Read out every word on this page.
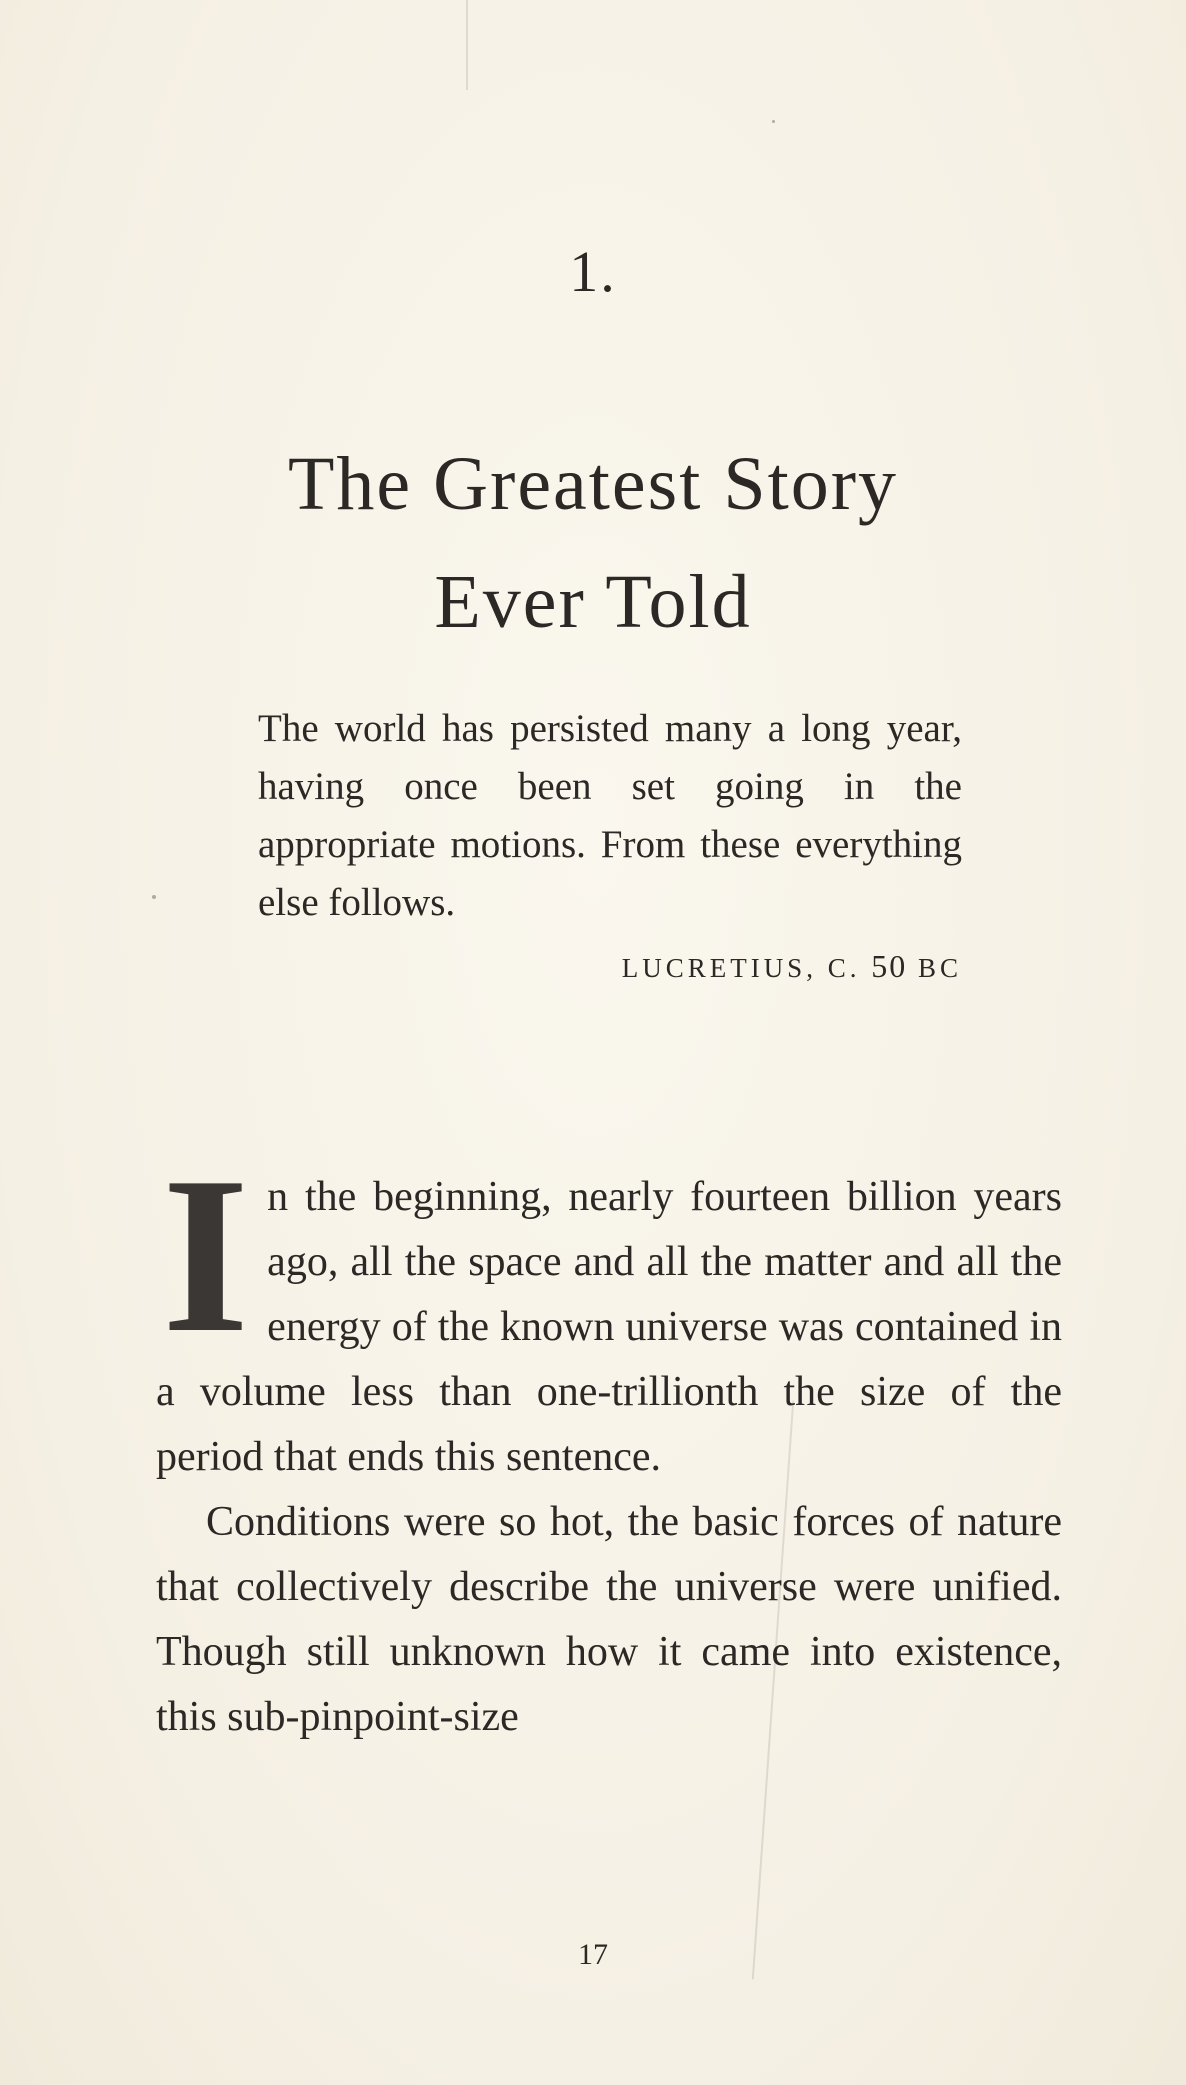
1.
The Greatest Story
Ever Told

The world has persisted many a long year, having once been set going in the appropriate motions. From these everything else follows.

LUCRETIUS, C. 50 BC

I n the beginning, nearly fourteen billion years ago, all the space and all the matter and all the energy of the known universe was contained in a volume less than one-trillionth the size of the period that ends this sentence.

Conditions were so hot, the basic forces of nature that collectively describe the universe were unified. Though still unknown how it came into existence, this sub-pinpoint-size

17
